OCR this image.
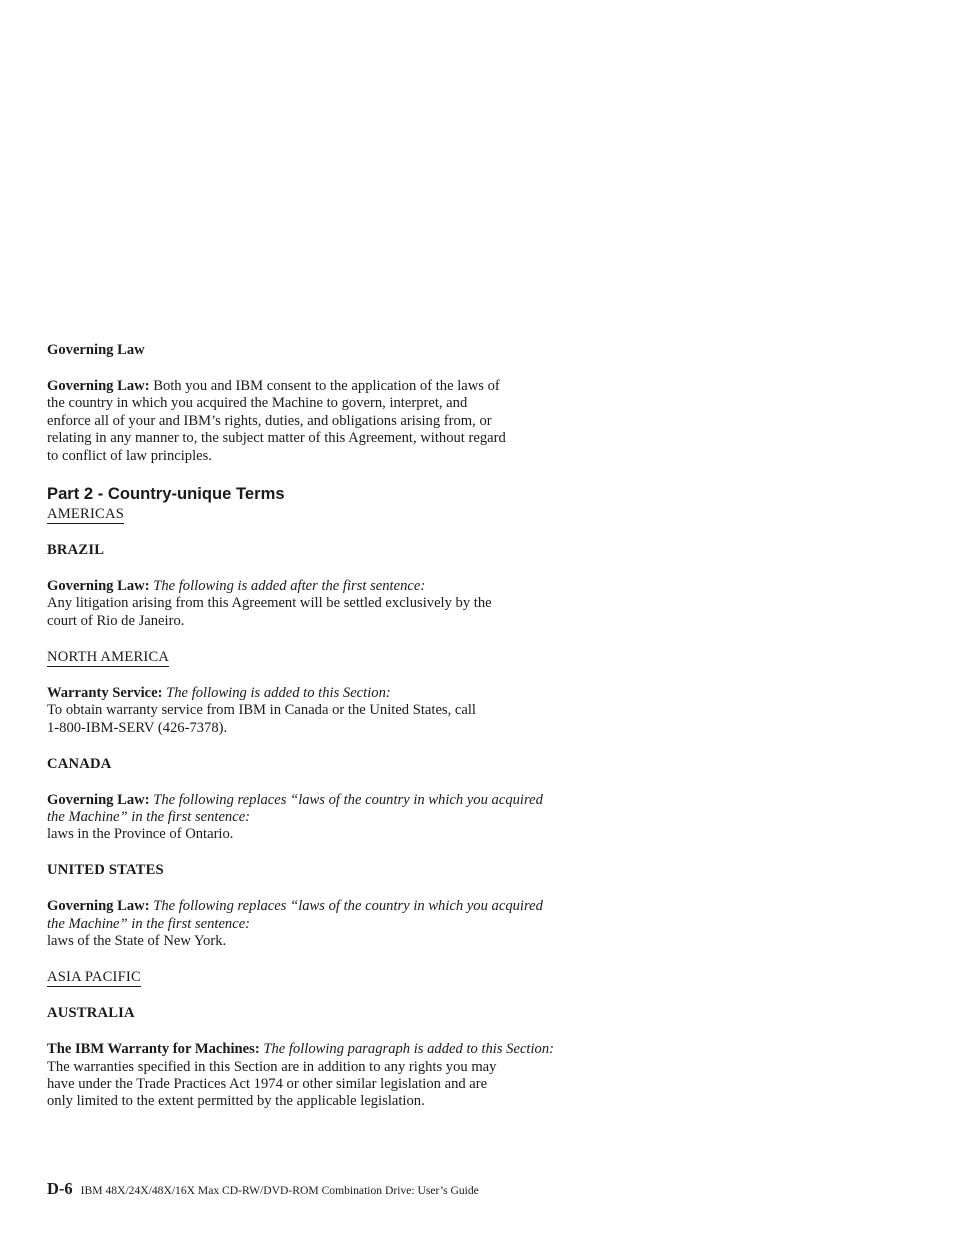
Governing Law
Governing Law: Both you and IBM consent to the application of the laws of
the country in which you acquired the Machine to govern, interpret, and
enforce all of your and IBM’s rights, duties, and obligations arising from, or
relating in any manner to, the subject matter of this Agreement, without regard
to conflict of law principles.
Part 2 - Country-unique Terms
AMERICAS
BRAZIL
Governing Law: The following is added after the first sentence:
Any litigation arising from this Agreement will be settled exclusively by the
court of Rio de Janeiro.
NORTH AMERICA
Warranty Service: The following is added to this Section:
To obtain warranty service from IBM in Canada or the United States, call
1-800-IBM-SERV (426-7378).
CANADA
Governing Law: The following replaces “laws of the country in which you acquired
the Machine” in the first sentence:
laws in the Province of Ontario.
UNITED STATES
Governing Law: The following replaces “laws of the country in which you acquired
the Machine” in the first sentence:
laws of the State of New York.
ASIA PACIFIC
AUSTRALIA
The IBM Warranty for Machines: The following paragraph is added to this Section:
The warranties specified in this Section are in addition to any rights you may
have under the Trade Practices Act 1974 or other similar legislation and are
only limited to the extent permitted by the applicable legislation.
D-6 IBM 48X/24X/48X/16X Max CD-RW/DVD-ROM Combination Drive: User’s Guide
